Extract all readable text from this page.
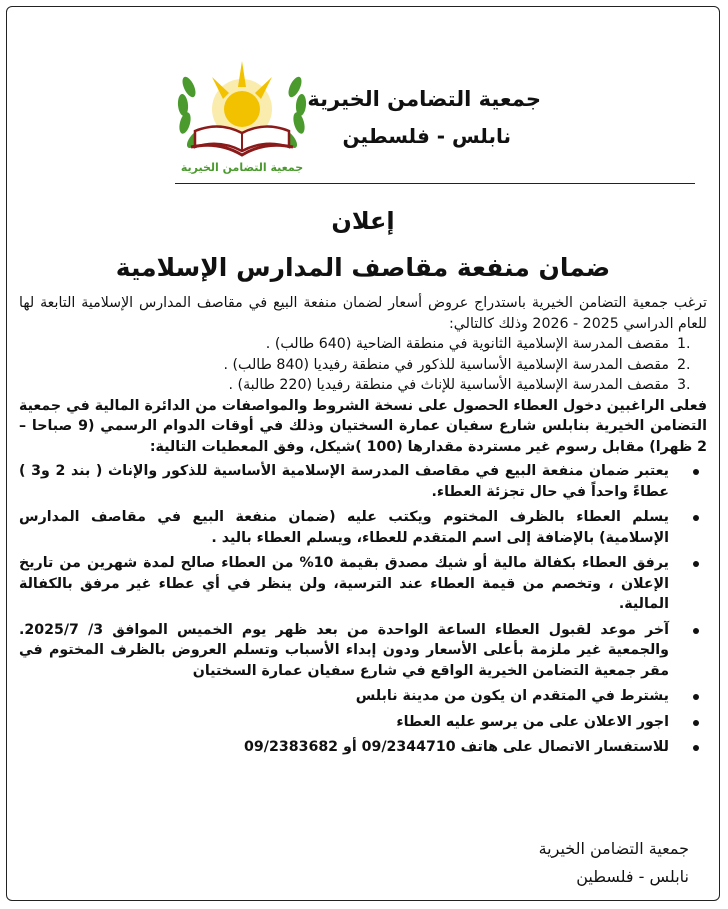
جمعية التضامن الخيرية
نابلس - فلسطين
جمعية التضامن الخيرية
إعلان
ضمان منفعة مقاصف المدارس الإسلامية

ترغب جمعية التضامن الخيرية باستدراج عروض أسعار لضمان منفعة البيع في مقاصف المدارس الإسلامية التابعة لها للعام الدراسي 2025 - 2026 وذلك كالتالي:

1.
مقصف المدرسة الإسلامية الثانوية في منطقة الضاحية (640 طالب) .
2.
مقصف المدرسة الإسلامية الأساسية للذكور في منطقة رفيديا (840 طالب) .
3.
مقصف المدرسة الإسلامية الأساسية للإناث في منطقة رفيديا (220 طالبة) .

فعلى الراغبين دخول العطاء الحصول على نسخة الشروط والمواصفات من الدائرة المالية في جمعية التضامن الخيرية بنابلس شارع سفيان عمارة السختيان وذلك في أوقات الدوام الرسمي (9 صباحا – 2 ظهرا) مقابل رسوم غير مستردة مقدارها (100 )شيكل، وفق المعطيات التالية:

يعتبر ضمان منفعة البيع في مقاصف المدرسة الإسلامية الأساسية للذكور والإناث ( بند 2 و3 ) عطاءً واحداً في حال تجزئة العطاء.
يسلم العطاء بالظرف المختوم ويكتب عليه (ضمان منفعة البيع في مقاصف المدارس الإسلامية) بالإضافة إلى اسم المتقدم للعطاء، ويسلم العطاء باليد .
يرفق العطاء بكفالة مالية أو شيك مصدق بقيمة 10% من العطاء صالح لمدة شهرين من تاريخ الإعلان ، وتخصم من قيمة العطاء عند الترسية، ولن ينظر في أي عطاء غير مرفق بالكفالة المالية.
آخر موعد لقبول العطاء الساعة الواحدة من بعد ظهر يوم الخميس الموافق 3/ 2025/7. والجمعية غير ملزمة بأعلى الأسعار ودون إبداء الأسباب وتسلم العروض بالظرف المختوم في مقر جمعية التضامن الخيرية الواقع في شارع سفيان عمارة السختيان
يشترط في المتقدم ان يكون من مدينة نابلس
اجور الاعلان على من يرسو عليه العطاء
للاستفسار الاتصال على هاتف 09/2344710 أو 09/2383682
جمعية التضامن الخيرية
نابلس - فلسطين
